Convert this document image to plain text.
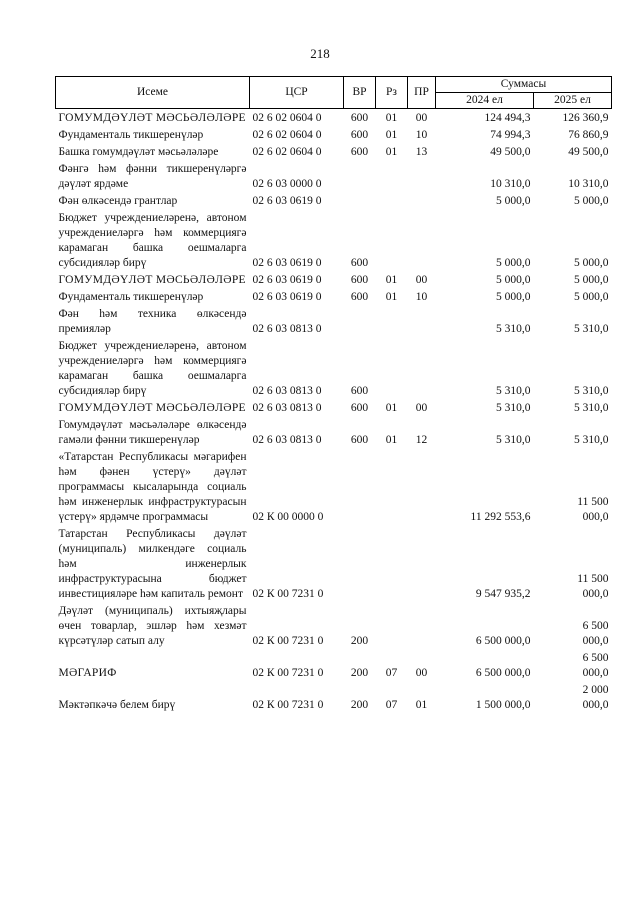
218
Исеме	ЦСР	ВР	Рз	ПР	Суммасы	
					2024 ел	2025 ел
ГОМУМДӘҮЛӘТ МӘСЬӘЛӘЛӘРЕ	02 6 02 0604 0	600	01	00	124 494,3	126 360,9
Фундаменталь тикшеренүләр	02 6 02 0604 0	600	01	10	74 994,3	76 860,9
Башка гомумдәүләт мәсьәләләре	02 6 02 0604 0	600	01	13	49 500,0	49 500,0
Фәнгә һәм фәнни тикшеренүләргә дәүләт ярдәме	02 6 03 0000 0				10 310,0	10 310,0
Фән өлкәсендә грантлар	02 6 03 0619 0				5 000,0	5 000,0
Бюджет учреждениеләренә, автоном учреждениеләргә һәм коммерциягә карамаган башка оешмаларга субсидияләр бирү	02 6 03 0619 0	600			5 000,0	5 000,0
ГОМУМДӘҮЛӘТ МӘСЬӘЛӘЛӘРЕ	02 6 03 0619 0	600	01	00	5 000,0	5 000,0
Фундаменталь тикшеренүләр	02 6 03 0619 0	600	01	10	5 000,0	5 000,0
Фән һәм техника өлкәсендә премияләр	02 6 03 0813 0				5 310,0	5 310,0
Бюджет учреждениеләренә, автоном учреждениеләргә һәм коммерциягә карамаган башка оешмаларга субсидияләр бирү	02 6 03 0813 0	600			5 310,0	5 310,0
ГОМУМДӘҮЛӘТ МӘСЬӘЛӘЛӘРЕ	02 6 03 0813 0	600	01	00	5 310,0	5 310,0
Гомумдәүләт мәсьәләләре өлкәсендә гамәли фәнни тикшеренүләр	02 6 03 0813 0	600	01	12	5 310,0	5 310,0
«Татарстан Республикасы мәгарифен һәм фәнен үстерү» дәүләт программасы кысаларында социаль һәм инженерлык инфраструктурасын үстерү» ярдәмче программасы	02 К 00 0000 0				11 292 553,6	11 500
000,0

Татарстан Республикасы дәүләт (муниципаль) милкендәге социаль һәм инженерлык инфраструктурасына бюджет инвестицияләре һәм капиталь ремонт	02 К 00 7231 0				9 547 935,2	11 500
000,0

Дәүләт (муниципаль) ихтыяҗлары өчен товарлар, эшләр һәм хезмәт күрсәтүләр сатып алу	02 К 00 7231 0	200			6 500 000,0	6 500
000,0

МӘГАРИФ	02 К 00 7231 0	200	07	00	6 500 000,0	6 500
000,0

Мәктәпкәчә белем бирү	02 К 00 7231 0	200	07	01	1 500 000,0	2 000
000,0
